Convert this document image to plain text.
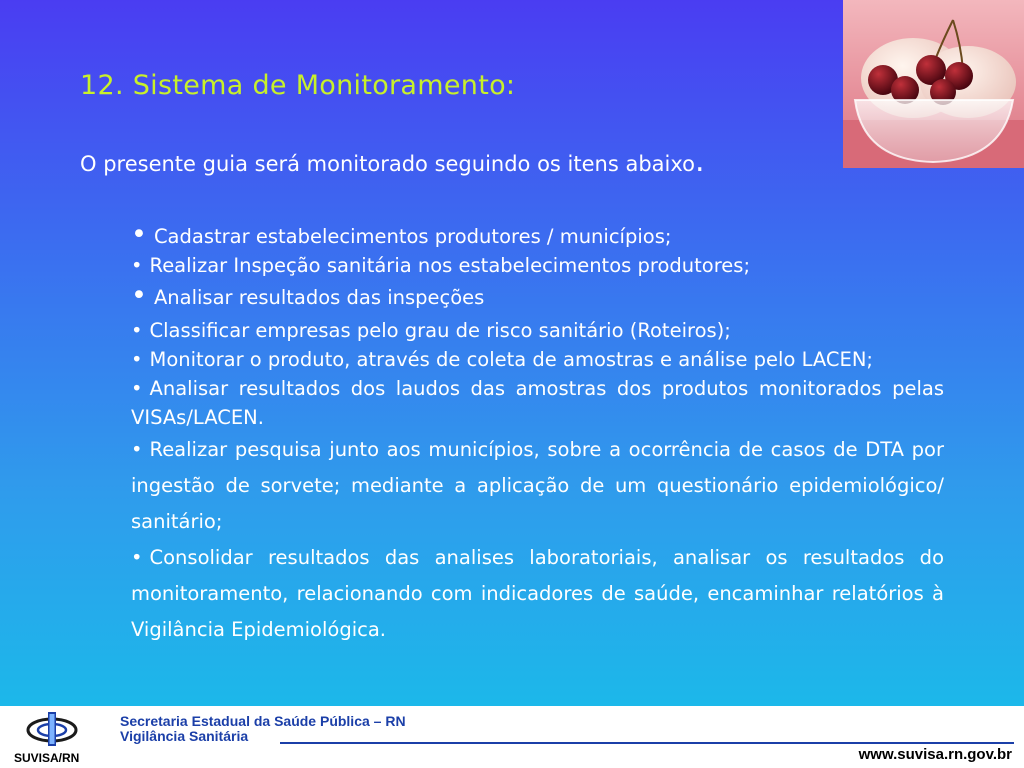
12. Sistema de Monitoramento:
O presente guia será monitorado seguindo os itens abaixo.
• Cadastrar estabelecimentos produtores / municípios;
• Realizar Inspeção sanitária nos estabelecimentos produtores;
• Analisar resultados das inspeções
• Classificar empresas pelo grau de risco sanitário (Roteiros);
• Monitorar o produto, através de coleta de amostras e análise pelo LACEN;
• Analisar resultados dos laudos das amostras dos produtos monitorados pelas VISAs/LACEN.
• Realizar pesquisa junto aos municípios, sobre a ocorrência de casos de DTA por ingestão de sorvete; mediante a aplicação de um questionário epidemiológico/ sanitário;
• Consolidar resultados das analises laboratoriais, analisar os resultados do monitoramento, relacionando com indicadores de saúde, encaminhar relatórios à Vigilância Epidemiológica.
SUVISA/RN
Secretaria Estadual da Saúde Pública – RN
Vigilância Sanitária
www.suvisa.rn.gov.br
